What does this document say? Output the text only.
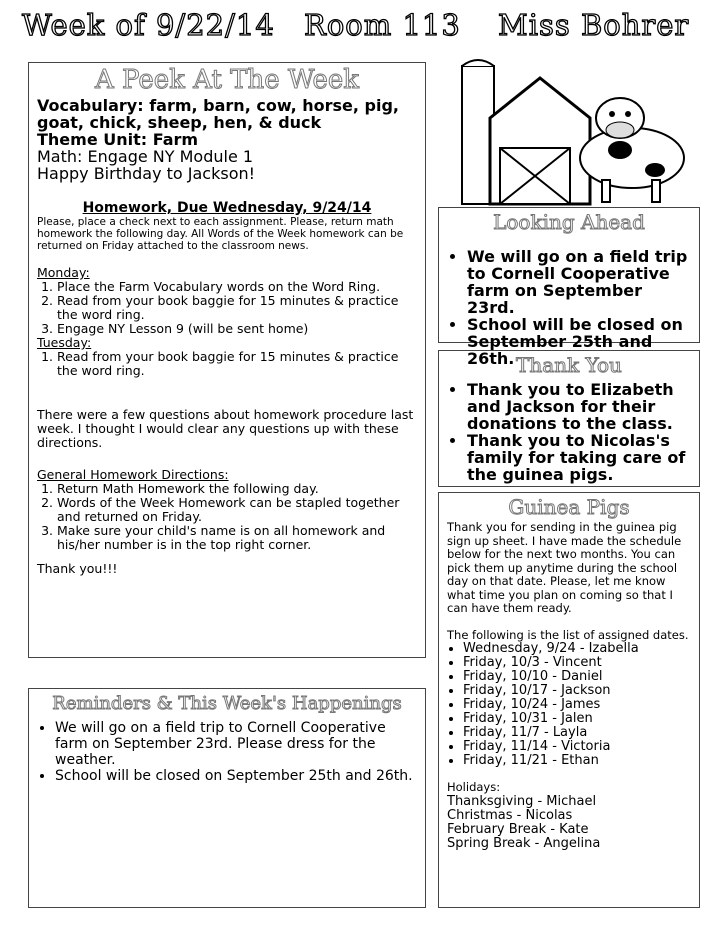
Week of 9/22/14 Room 113 Miss Bohrer
A Peek At The Week

Vocabulary: farm, barn, cow, horse, pig, goat, chick, sheep, hen, & duck

Theme Unit: Farm

Math: Engage NY Module 1

Happy Birthday to Jackson!

Homework, Due Wednesday, 9/24/14

Please, place a check next to each assignment. Please, return math homework the following day. All Words of the Week homework can be returned on Friday attached to the classroom news.

Monday:

1. Place the Farm Vocabulary words on the Word Ring.
2. Read from your book baggie for 15 minutes & practice the word ring.
3. Engage NY Lesson 9 (will be sent home)

Tuesday:

1. Read from your book baggie for 15 minutes & practice the word ring.

There were a few questions about homework procedure last week. I thought I would clear any questions up with these directions.

General Homework Directions:

1. Return Math Homework the following day.
2. Words of the Week Homework can be stapled together and returned on Friday.
3. Make sure your child's name is on all homework and his/her number is in the top right corner.

Thank you!!!

Reminders & This Week's Happenings
• We will go on a field trip to Cornell Cooperative farm on September 23rd. Please dress for the weather.
• School will be closed on September 25th and 26th.
Looking Ahead
• We will go on a field trip to Cornell Cooperative farm on September 23rd.
• School will be closed on September 25th and 26th. Thank You
• Thank you to Elizabeth and Jackson for their donations to the class.
• Thank you to Nicolas's family for taking care of the guinea pigs.
Guinea Pigs

Thank you for sending in the guinea pig sign up sheet. I have made the schedule below for the next two months. You can pick them up anytime during the school day on that date. Please, let me know what time you plan on coming so that I can have them ready.

The following is the list of assigned dates.

• Wednesday, 9/24 - Izabella
• Friday, 10/3 - Vincent
• Friday, 10/10 - Daniel
• Friday, 10/17 - Jackson
• Friday, 10/24 - James
• Friday, 10/31 - Jalen
• Friday, 11/7 - Layla
• Friday, 11/14 - Victoria
• Friday, 11/21 - Ethan

Holidays:

Thanksgiving - Michael

Christmas - Nicolas

February Break - Kate

Spring Break - Angelina
